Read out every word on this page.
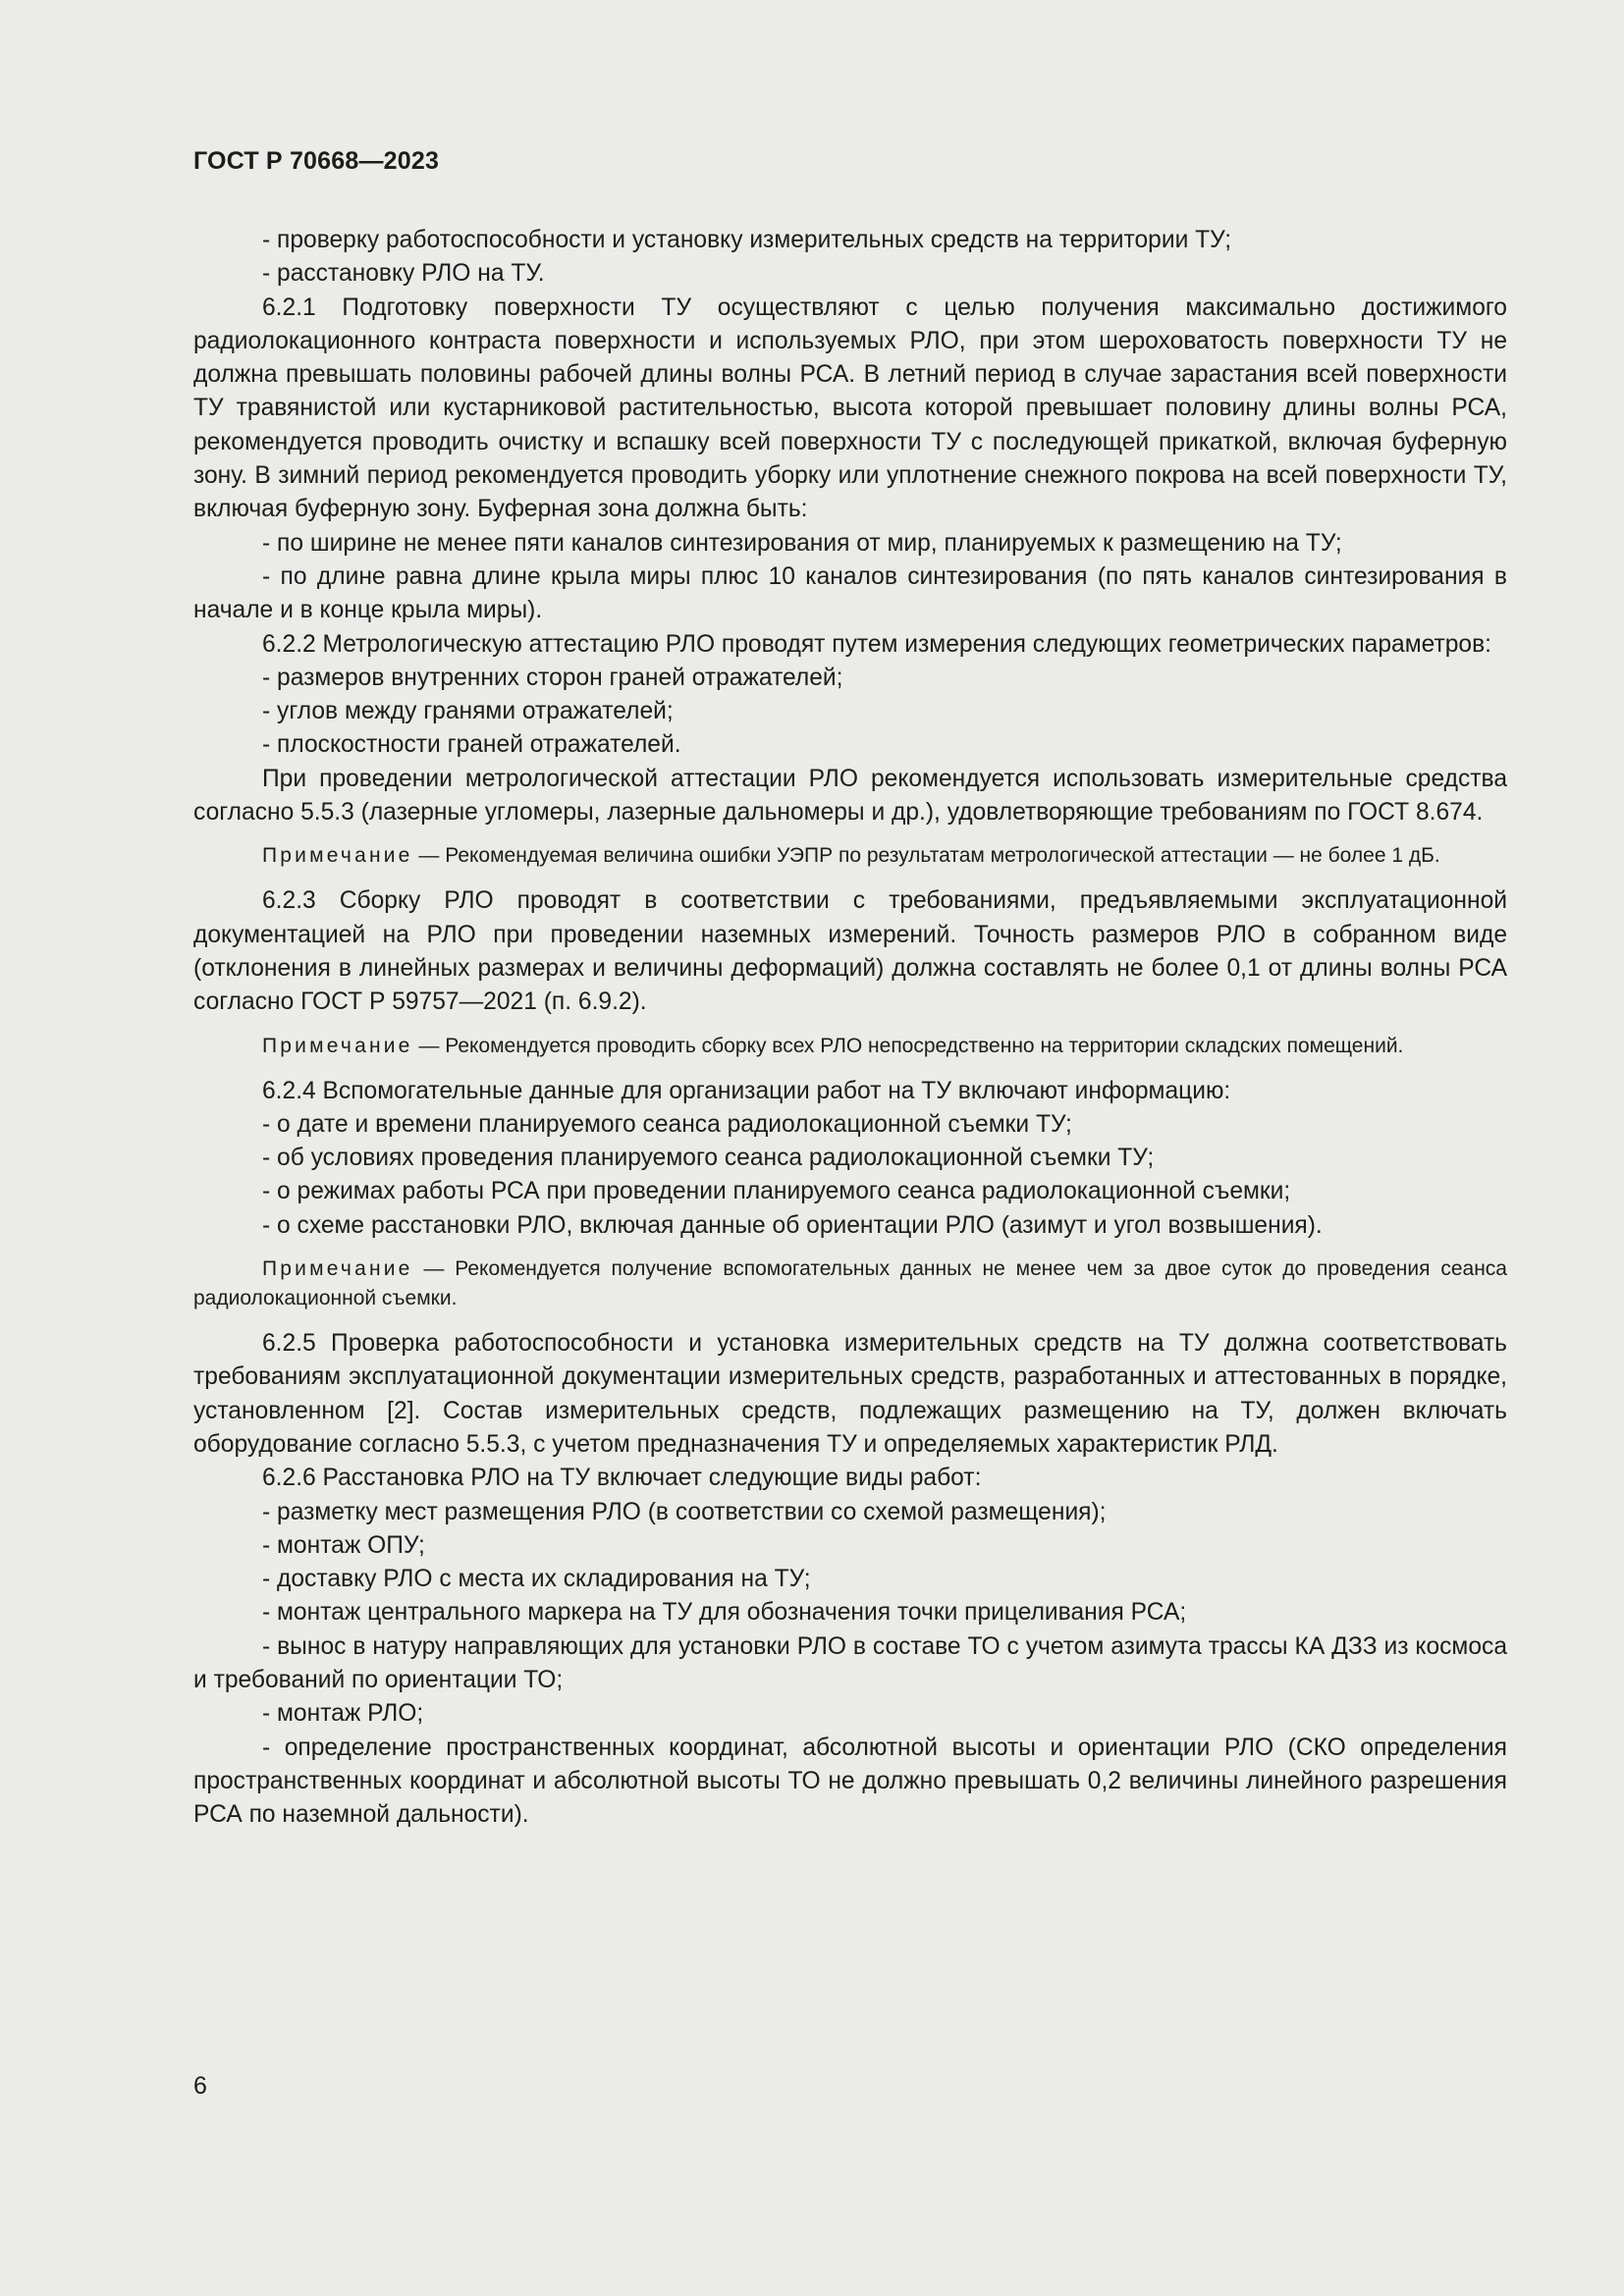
ГОСТ Р 70668—2023

- проверку работоспособности и установку измерительных средств на территории ТУ;

- расстановку РЛО на ТУ.

6.2.1 Подготовку поверхности ТУ осуществляют с целью получения максимально достижимого радиолокационного контраста поверхности и используемых РЛО, при этом шероховатость поверхности ТУ не должна превышать половины рабочей длины волны РСА. В летний период в случае зарастания всей поверхности ТУ травянистой или кустарниковой растительностью, высота которой превышает половину длины волны РСА, рекомендуется проводить очистку и вспашку всей поверхности ТУ с последующей прикаткой, включая буферную зону. В зимний период рекомендуется проводить уборку или уплотнение снежного покрова на всей поверхности ТУ, включая буферную зону. Буферная зона должна быть:

- по ширине не менее пяти каналов синтезирования от мир, планируемых к размещению на ТУ;

- по длине равна длине крыла миры плюс 10 каналов синтезирования (по пять каналов синтезирования в начале и в конце крыла миры).

6.2.2 Метрологическую аттестацию РЛО проводят путем измерения следующих геометрических параметров:

- размеров внутренних сторон граней отражателей;

- углов между гранями отражателей;

- плоскостности граней отражателей.

При проведении метрологической аттестации РЛО рекомендуется использовать измерительные средства согласно 5.5.3 (лазерные угломеры, лазерные дальномеры и др.), удовлетворяющие требованиям по ГОСТ 8.674.

Примечание — Рекомендуемая величина ошибки УЭПР по результатам метрологической аттестации — не более 1 дБ.

6.2.3 Сборку РЛО проводят в соответствии с требованиями, предъявляемыми эксплуатационной документацией на РЛО при проведении наземных измерений. Точность размеров РЛО в собранном виде (отклонения в линейных размерах и величины деформаций) должна составлять не более 0,1 от длины волны РСА согласно ГОСТ Р 59757—2021 (п. 6.9.2).

Примечание — Рекомендуется проводить сборку всех РЛО непосредственно на территории складских помещений.

6.2.4 Вспомогательные данные для организации работ на ТУ включают информацию:

- о дате и времени планируемого сеанса радиолокационной съемки ТУ;

- об условиях проведения планируемого сеанса радиолокационной съемки ТУ;

- о режимах работы РСА при проведении планируемого сеанса радиолокационной съемки;

- о схеме расстановки РЛО, включая данные об ориентации РЛО (азимут и угол возвышения).

Примечание — Рекомендуется получение вспомогательных данных не менее чем за двое суток до проведения сеанса радиолокационной съемки.

6.2.5 Проверка работоспособности и установка измерительных средств на ТУ должна соответствовать требованиям эксплуатационной документации измерительных средств, разработанных и аттестованных в порядке, установленном [2]. Состав измерительных средств, подлежащих размещению на ТУ, должен включать оборудование согласно 5.5.3, с учетом предназначения ТУ и определяемых характеристик РЛД.

6.2.6 Расстановка РЛО на ТУ включает следующие виды работ:

- разметку мест размещения РЛО (в соответствии со схемой размещения);

- монтаж ОПУ;

- доставку РЛО с места их складирования на ТУ;

- монтаж центрального маркера на ТУ для обозначения точки прицеливания РСА;

- вынос в натуру направляющих для установки РЛО в составе ТО с учетом азимута трассы КА ДЗЗ из космоса и требований по ориентации ТО;

- монтаж РЛО;

- определение пространственных координат, абсолютной высоты и ориентации РЛО (СКО определения пространственных координат и абсолютной высоты ТО не должно превышать 0,2 величины линейного разрешения РСА по наземной дальности).

6
